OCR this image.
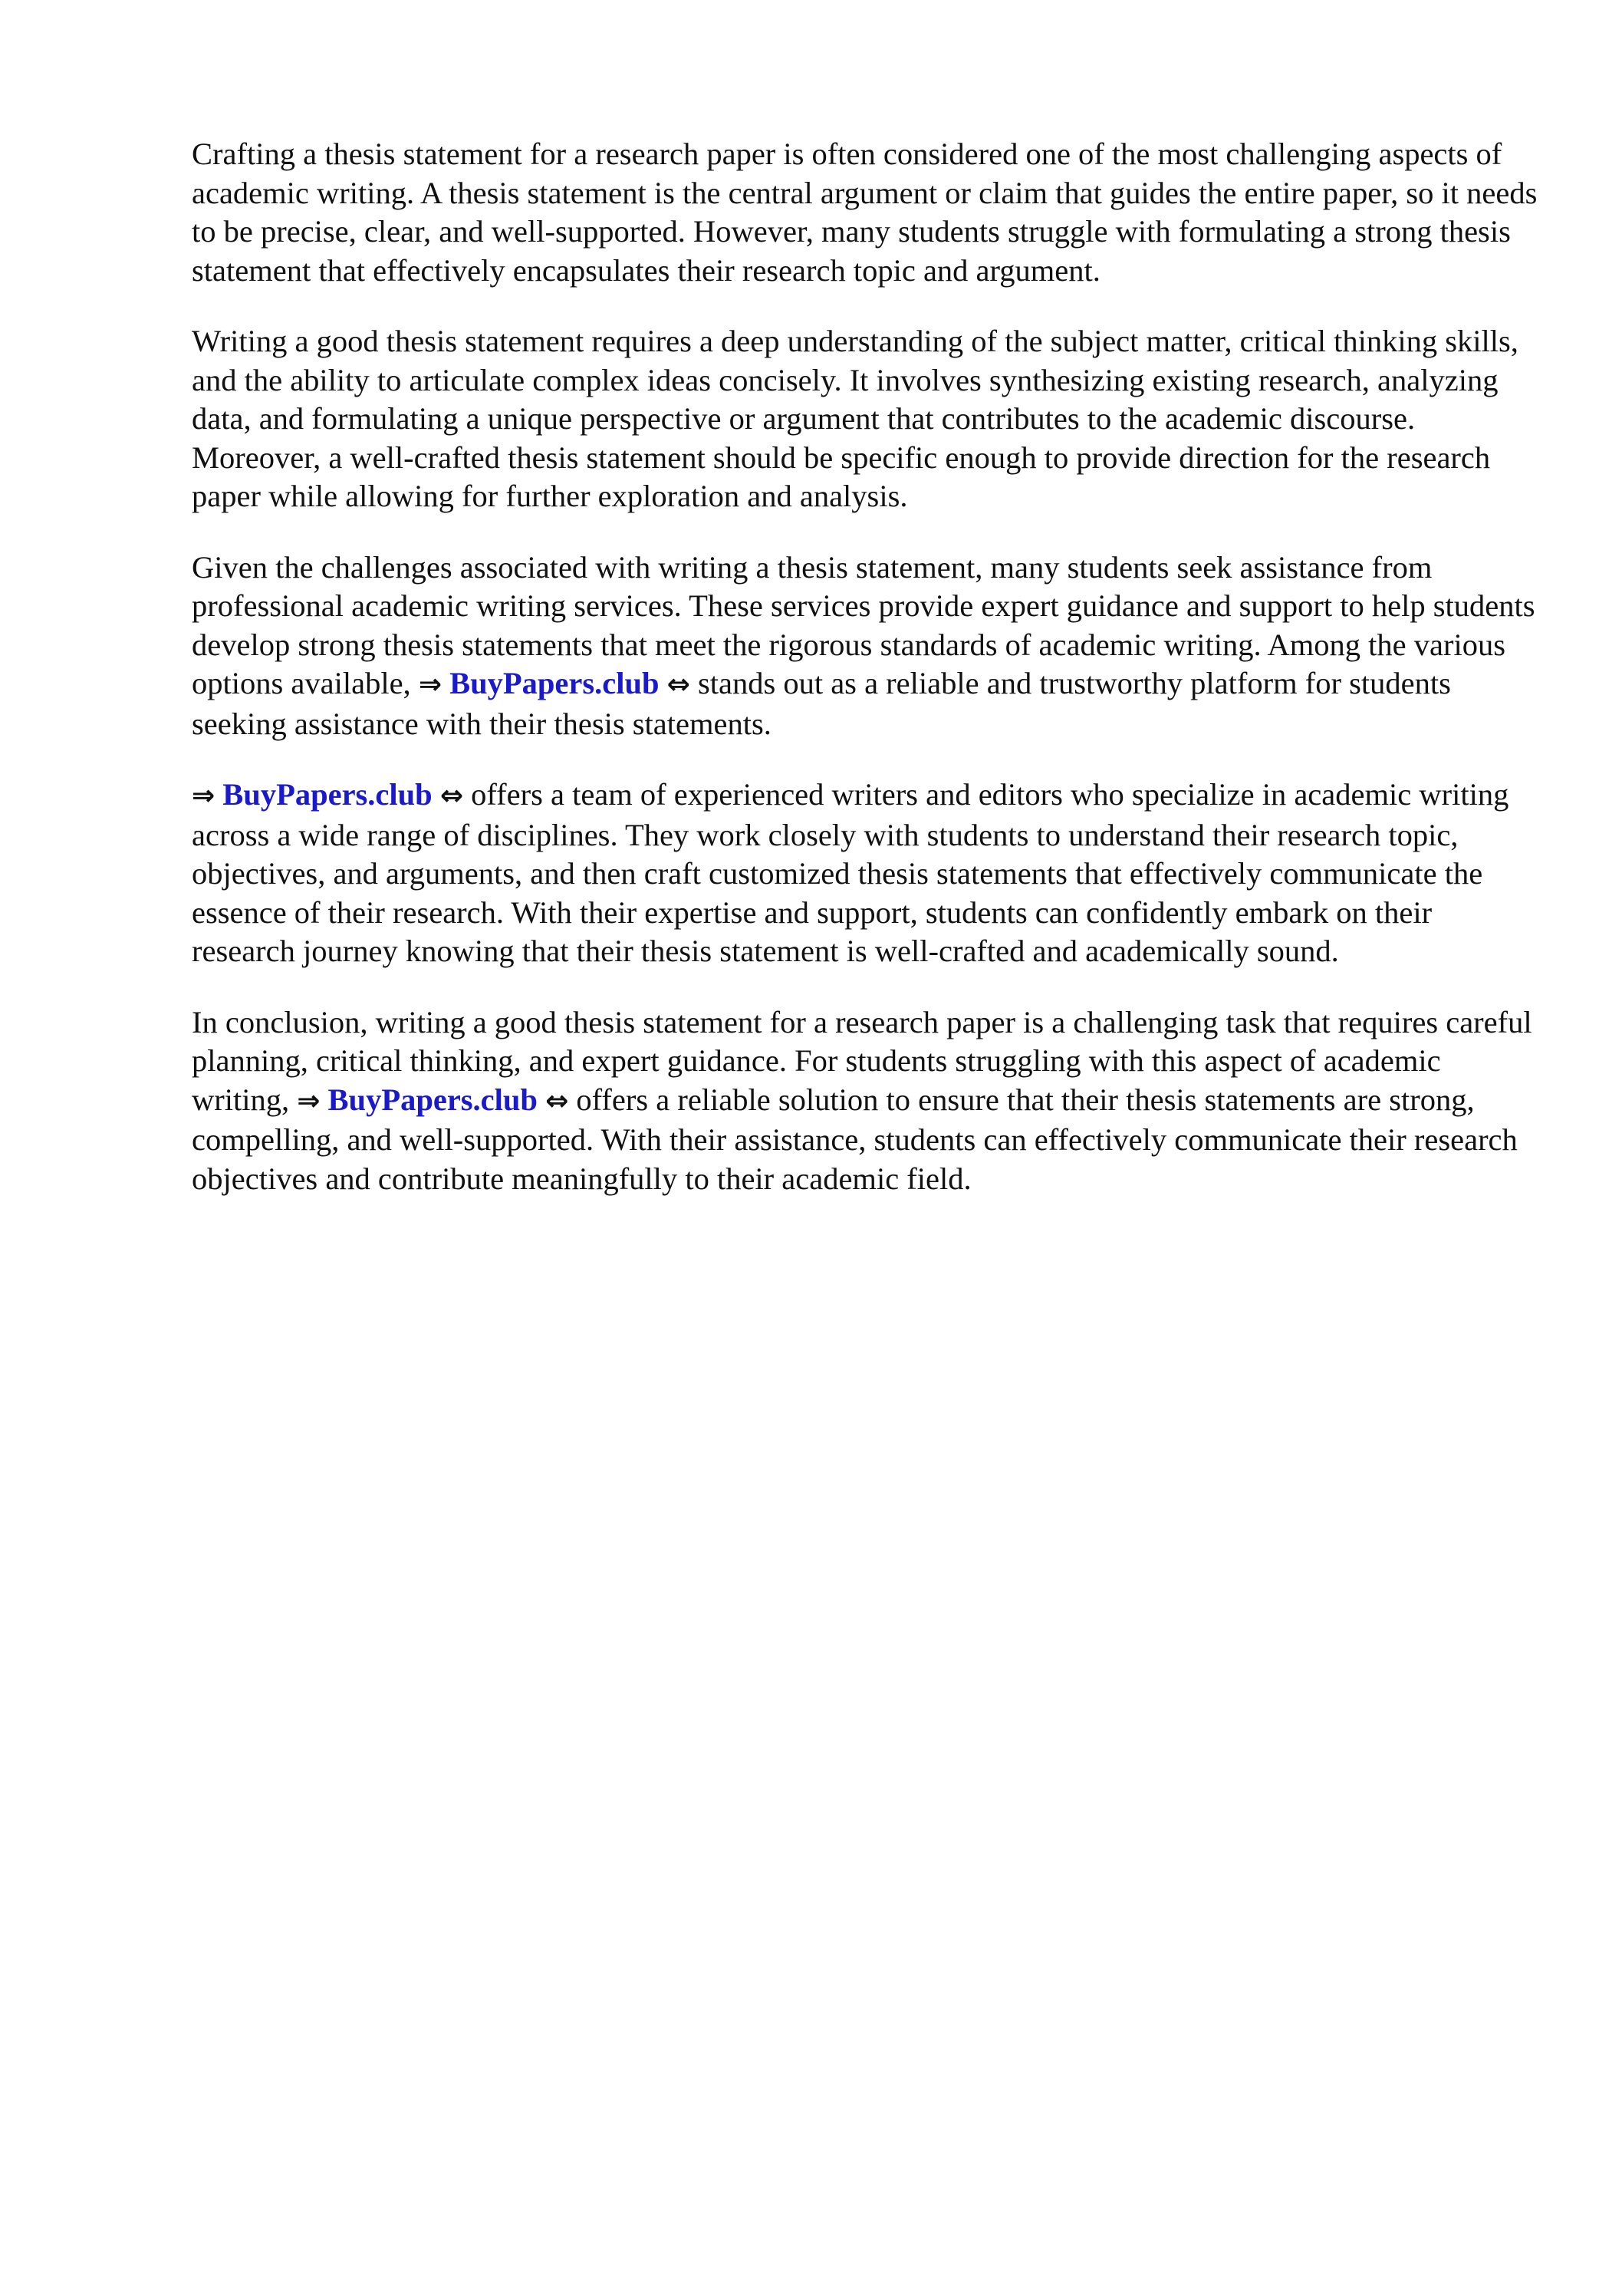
Crafting a thesis statement for a research paper is often considered one of the most challenging aspects of academic writing. A thesis statement is the central argument or claim that guides the entire paper, so it needs to be precise, clear, and well-supported. However, many students struggle with formulating a strong thesis statement that effectively encapsulates their research topic and argument.

Writing a good thesis statement requires a deep understanding of the subject matter, critical thinking skills, and the ability to articulate complex ideas concisely. It involves synthesizing existing research, analyzing data, and formulating a unique perspective or argument that contributes to the academic discourse. Moreover, a well-crafted thesis statement should be specific enough to provide direction for the research paper while allowing for further exploration and analysis.

Given the challenges associated with writing a thesis statement, many students seek assistance from professional academic writing services. These services provide expert guidance and support to help students develop strong thesis statements that meet the rigorous standards of academic writing. Among the various options available, ⇒ BuyPapers.club ⇔ stands out as a reliable and trustworthy platform for students seeking assistance with their thesis statements.

⇒ BuyPapers.club ⇔ offers a team of experienced writers and editors who specialize in academic writing across a wide range of disciplines. They work closely with students to understand their research topic, objectives, and arguments, and then craft customized thesis statements that effectively communicate the essence of their research. With their expertise and support, students can confidently embark on their research journey knowing that their thesis statement is well-crafted and academically sound.

In conclusion, writing a good thesis statement for a research paper is a challenging task that requires careful planning, critical thinking, and expert guidance. For students struggling with this aspect of academic writing, ⇒ BuyPapers.club ⇔ offers a reliable solution to ensure that their thesis statements are strong, compelling, and well-supported. With their assistance, students can effectively communicate their research objectives and contribute meaningfully to their academic field.
